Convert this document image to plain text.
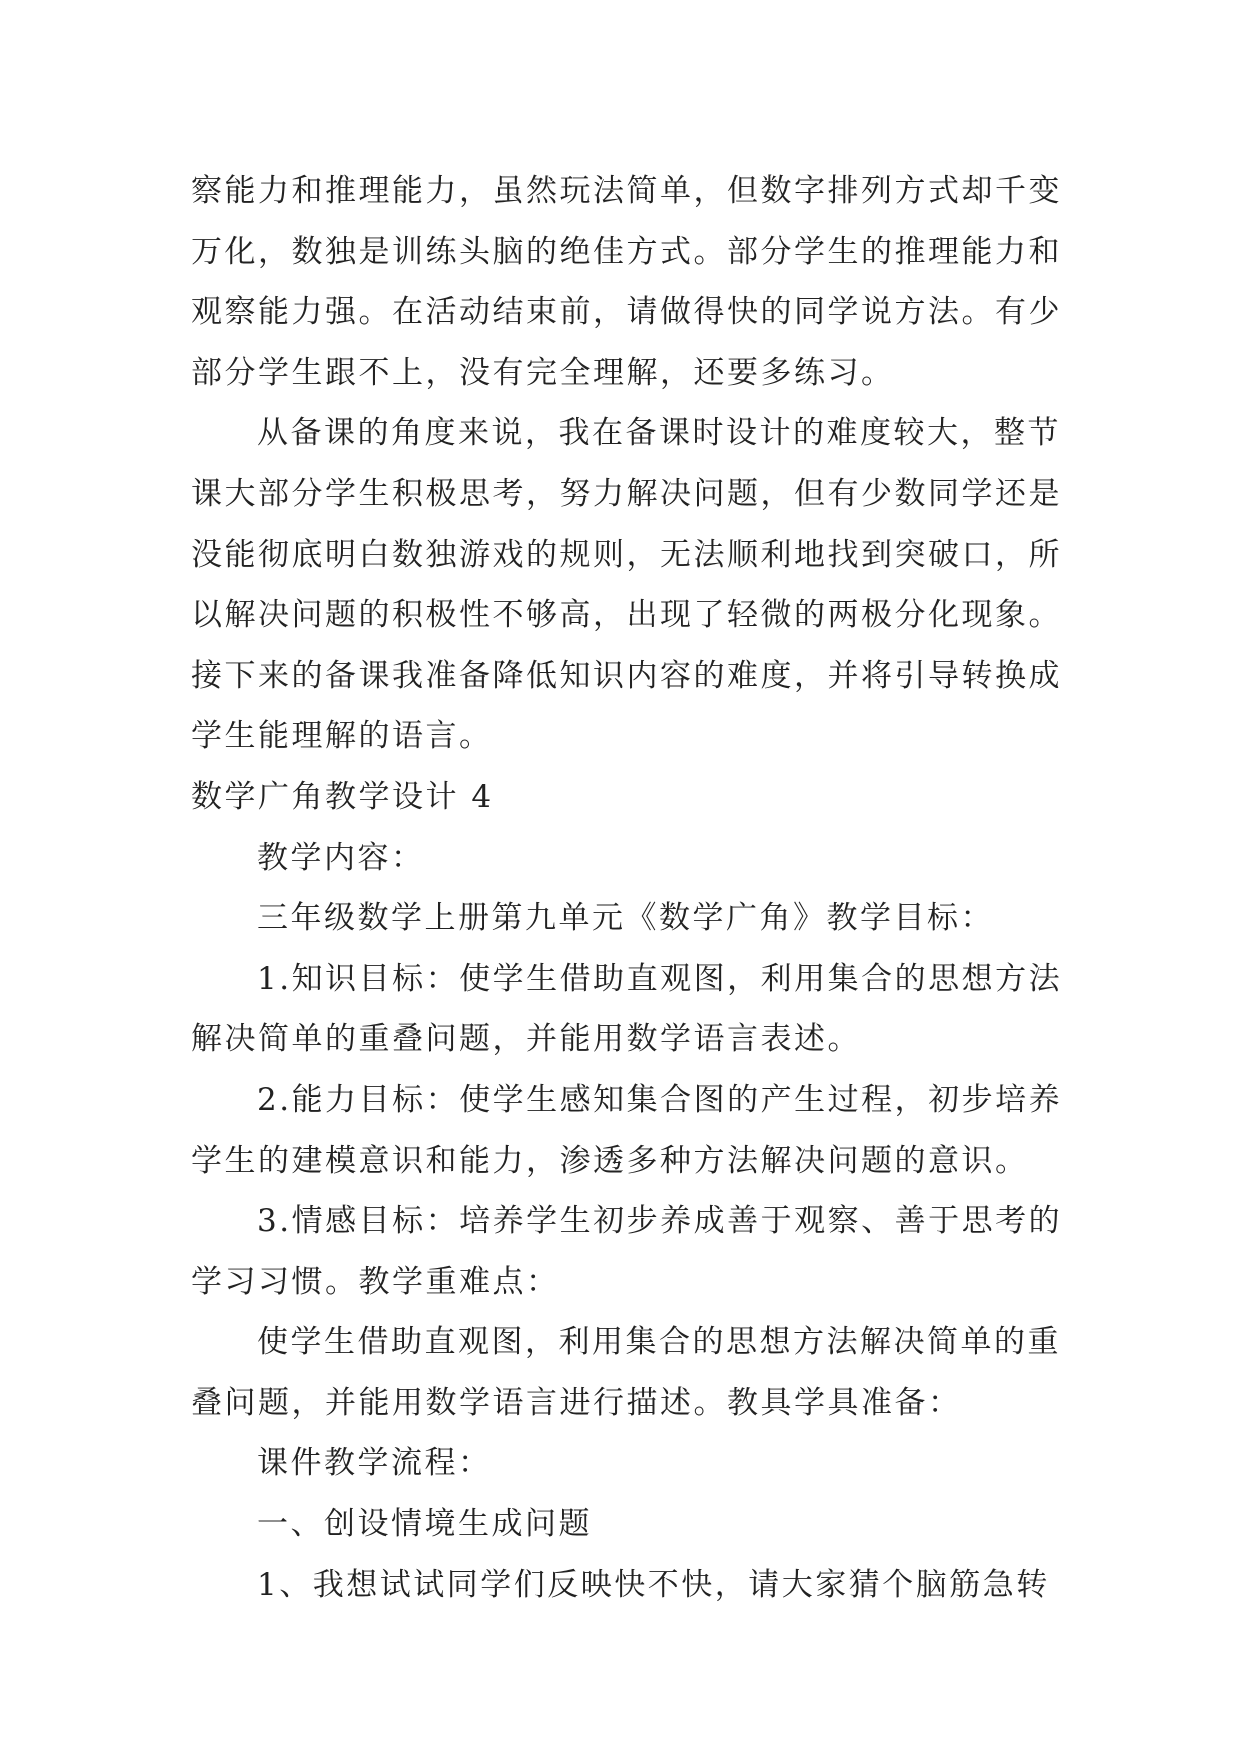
察能力和推理能力，虽然玩法简单，但数字排列方式却千变
万化，数独是训练头脑的绝佳方式。部分学生的推理能力和
观察能力强。在活动结束前，请做得快的同学说方法。有少
部分学生跟不上，没有完全理解，还要多练习。
从备课的角度来说，我在备课时设计的难度较大，整节
课大部分学生积极思考，努力解决问题，但有少数同学还是
没能彻底明白数独游戏的规则，无法顺利地找到突破口，所
以解决问题的积极性不够高，出现了轻微的两极分化现象。
接下来的备课我准备降低知识内容的难度，并将引导转换成
学生能理解的语言。
数学广角教学设计 4
教学内容：
三年级数学上册第九单元《数学广角》教学目标：
1.知识目标：使学生借助直观图，利用集合的思想方法
解决简单的重叠问题，并能用数学语言表述。
2.能力目标：使学生感知集合图的产生过程，初步培养
学生的建模意识和能力，渗透多种方法解决问题的意识。
3.情感目标：培养学生初步养成善于观察、善于思考的
学习习惯。教学重难点：
使学生借助直观图，利用集合的思想方法解决简单的重
叠问题，并能用数学语言进行描述。教具学具准备：
课件教学流程：
一、创设情境生成问题
1、我想试试同学们反映快不快，请大家猜个脑筋急转
